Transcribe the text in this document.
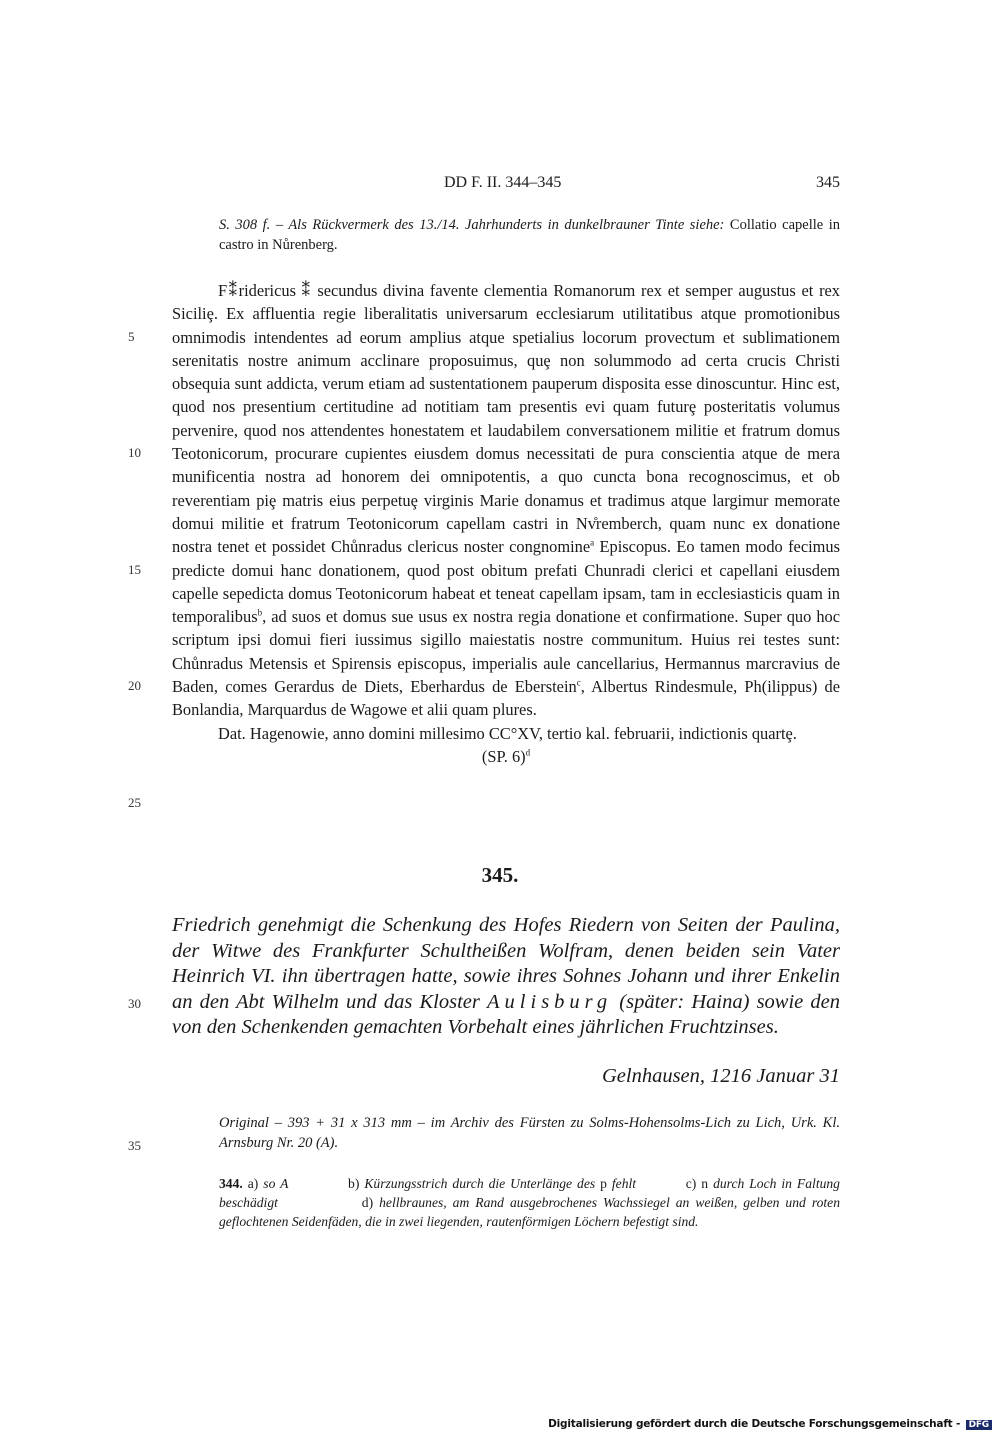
DD F. II. 344–345	345
S. 308 f. – Als Rückvermerk des 13./14. Jahrhunderts in dunkelbrauner Tinte siehe: Collatio capelle in castro in Nůrenberg.

F⁑ridericus ⁑ secundus divina favente clementia Romanorum rex et semper augustus et rex Siciliȩ. Ex affluentia regie liberalitatis universarum ecclesiarum utilitatibus atque promotionibus omnimodis intendentes ad eorum amplius atque spetialius locorum provectum et sublimationem serenitatis nostre animum acclinare proposuimus, quȩ non solummodo ad certa crucis Christi obsequia sunt addicta, verum etiam ad sustentationem pauperum disposita esse dinoscuntur. Hinc est, quod nos presentium certitudine ad notitiam tam presentis evi quam futurȩ posteritatis volumus pervenire, quod nos attendentes honestatem et laudabilem conversationem militie et fratrum domus Teotonicorum, procurare cupientes eiusdem domus necessitati de pura conscientia atque de mera munificentia nostra ad honorem dei omnipotentis, a quo cuncta bona recognoscimus, et ob reverentiam piȩ matris eius perpetuȩ virginis Marie donamus et tradimus atque largimur memorate domui militie et fratrum Teotonicorum capellam castri in Nv̊remberch, quam nunc ex donatione nostra tenet et possidet Chůnradus clericus noster congnomine$^a$ Episcopus. Eo tamen modo fecimus predicte domui hanc donationem, quod post obitum prefati Chunradi clerici et capellani eiusdem capelle sepedicta domus Teotonicorum habeat et teneat capellam ipsam, tam in ecclesiasticis quam in temporalibus$^b$, ad suos et domus sue usus ex nostra regia donatione et confirmatione. Super quo hoc scriptum ipsi domui fieri iussimus sigillo maiestatis nostre communitum. Huius rei testes sunt: Chůnradus Metensis et Spirensis episcopus, imperialis aule cancellarius, Hermannus marcravius de Baden, comes Gerardus de Diets, Eberhardus de Eberstein$^c$, Albertus Rindesmule, Ph(ilippus) de Bonlandia, Marquardus de Wagowe et alii quam plures.

Dat. Hagenowie, anno domini millesimo CC°XV, tertio kal. februarii, indictionis quartȩ.

(SP. 6)$^d$

5
10
15
20
25
30
35
345.
Friedrich genehmigt die Schenkung des Hofes Riedern von Seiten der Paulina, der Witwe des Frankfurter Schultheißen Wolfram, denen beiden sein Vater Heinrich VI. ihn übertragen hatte, sowie ihres Sohnes Johann und ihrer Enkelin an den Abt Wilhelm und das Kloster Aulisburg (später: Haina) sowie den von den Schenkenden gemachten Vorbehalt eines jährlichen Fruchtzinses.
Gelnhausen, 1216 Januar 31
Original – 393 + 31 x 313 mm – im Archiv des Fürsten zu Solms-Hohensolms-Lich zu Lich, Urk. Kl. Arnsburg Nr. 20 (A).
344. a) so A	b) Kürzungsstrich durch die Unterlänge des p fehlt	c) n durch Loch in Faltung beschädigt	d) hellbraunes, am Rand ausgebrochenes Wachssiegel an weißen, gelben und roten geflochtenen Seidenfäden, die in zwei liegenden, rautenförmigen Löchern befestigt sind.
Digitalisierung gefördert durch die Deutsche Forschungsgemeinschaft - DFG
